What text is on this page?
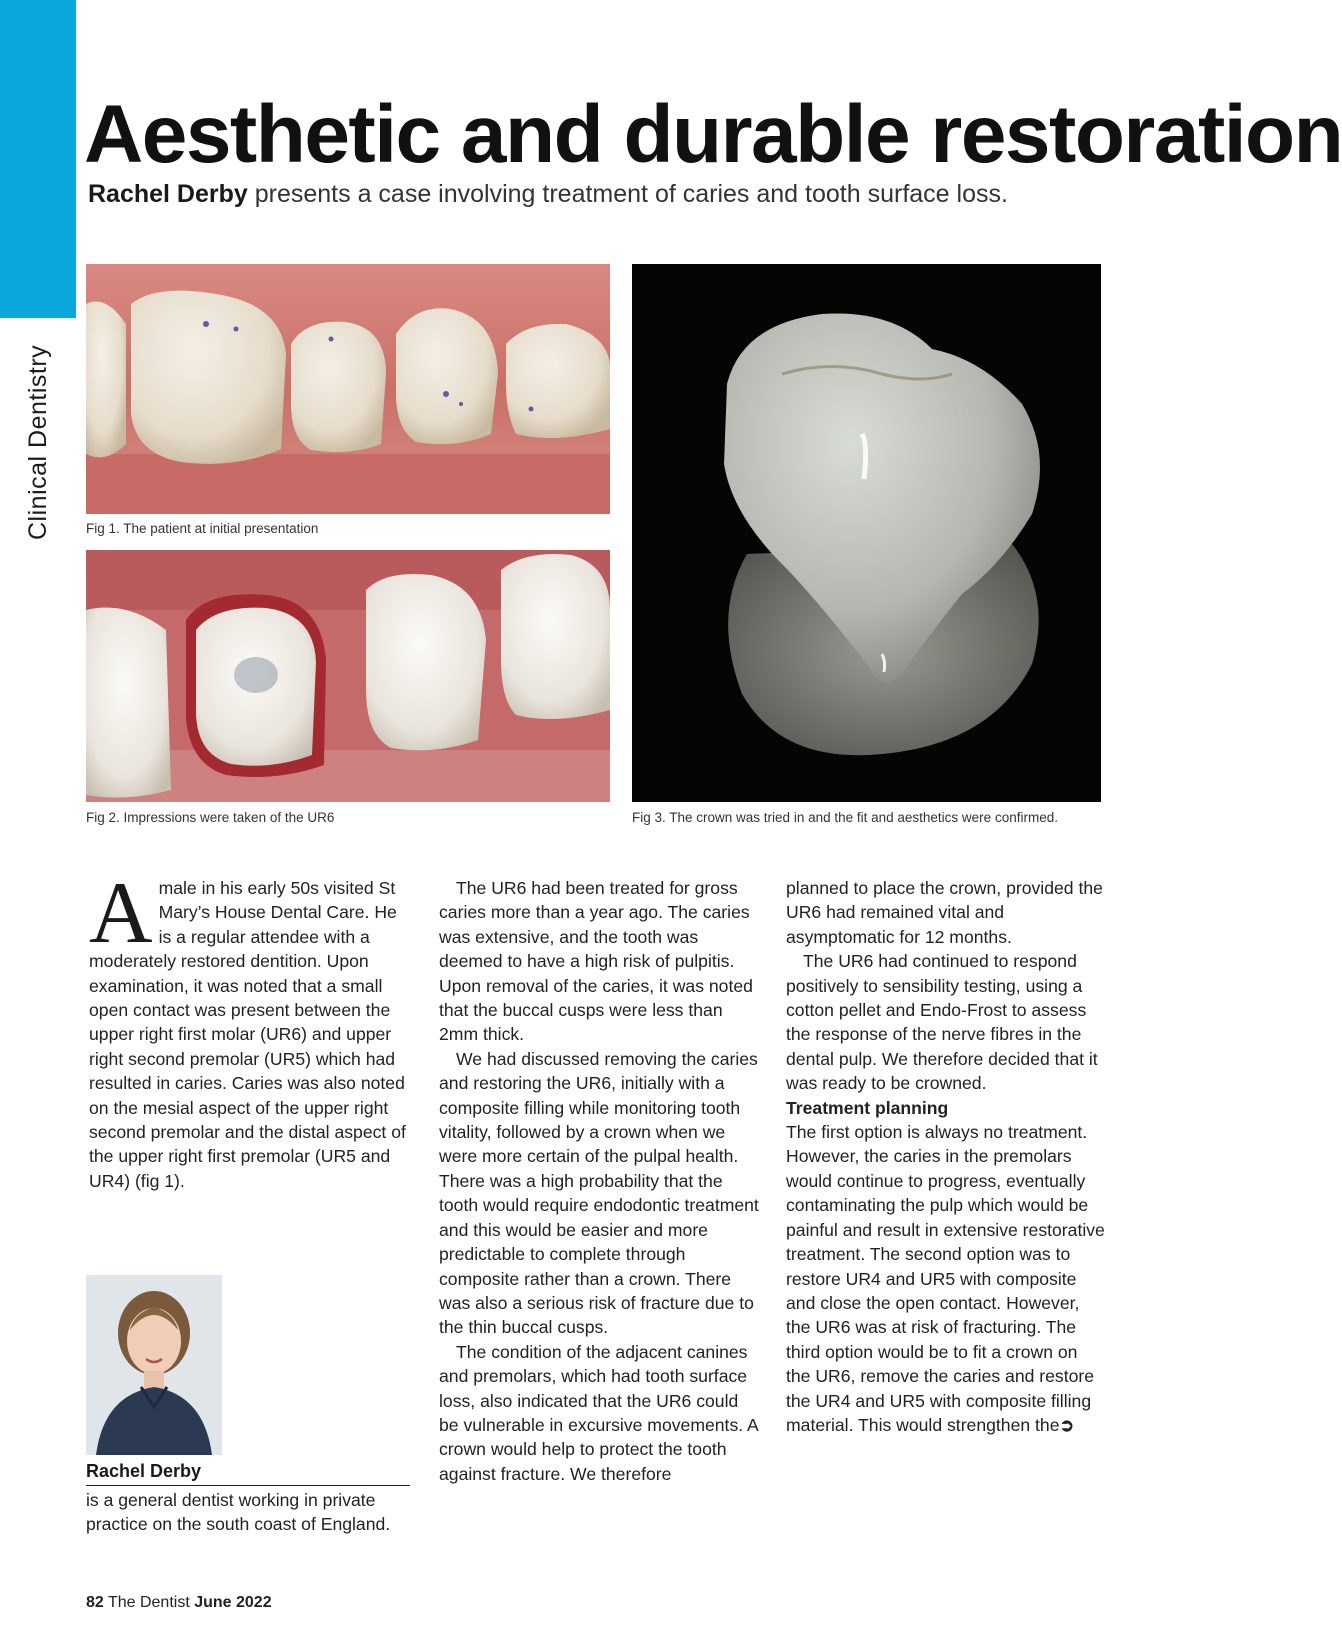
Clinical Dentistry
Aesthetic and durable restoration

Rachel Derby presents a case involving treatment of caries and tooth surface loss.

Fig 1. The patient at initial presentation

Fig 2. Impressions were taken of the UR6	Fig 3. The crown was tried in and the fit and aesthetics were confirmed.

Amale in his early 50s visited St Mary’s House Dental Care. He is a regular attendee with a moderately restored dentition. Upon examination, it was noted that a small open contact was present between the upper right first molar (UR6) and upper right second premolar (UR5) which had resulted in caries. Caries was also noted on the mesial aspect of the upper right second premolar and the distal aspect of the upper right first premolar (UR5 and UR4) (fig 1).

Rachel Derby

is a general dentist working in private practice on the south coast of England.

The UR6 had been treated for gross caries more than a year ago. The caries was extensive, and the tooth was deemed to have a high risk of pulpitis. Upon removal of the caries, it was noted that the buccal cusps were less than 2mm thick.

We had discussed removing the caries and restoring the UR6, initially with a composite filling while monitoring tooth vitality, followed by a crown when we were more certain of the pulpal health. There was a high probability that the tooth would require endodontic treatment and this would be easier and more predictable to complete through composite rather than a crown. There was also a serious risk of fracture due to the thin buccal cusps.

The condition of the adjacent canines and premolars, which had tooth surface loss, also indicated that the UR6 could be vulnerable in excursive movements. A crown would help to protect the tooth against fracture. We therefore

planned to place the crown, provided the UR6 had remained vital and asymptomatic for 12 months.

The UR6 had continued to respond positively to sensibility testing, using a cotton pellet and Endo-Frost to assess the response of the nerve fibres in the dental pulp. We therefore decided that it was ready to be crowned.

Treatment planning

The first option is always no treatment. However, the caries in the premolars would continue to progress, eventually contaminating the pulp which would be painful and result in extensive restorative treatment. The second option was to restore UR4 and UR5 with composite and close the open contact. However, the UR6 was at risk of fracturing. The third option would be to fit a crown on the UR6, remove the caries and restore the UR4 and UR5 with composite filling material. This would strengthen the➲

82 The Dentist June 2022
